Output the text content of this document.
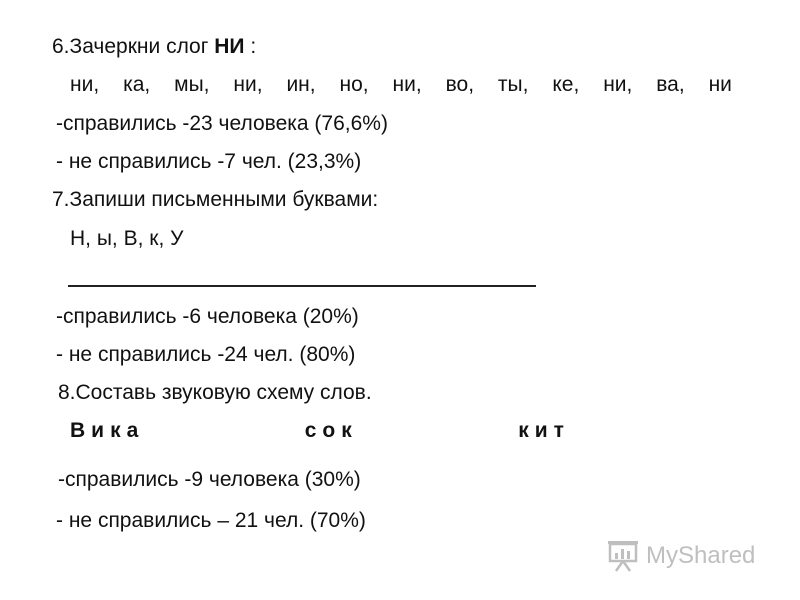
6.Зачеркни слог НИ :
ни, ка, мы, ни, ин, но, ни, во, ты, ке, ни, ва, ни
-справились -23 человека (76,6%)
- не справились -7 чел. (23,3%)
7.Запиши письменными буквами:
Н, ы, В, к, У
-справились -6 человека (20%)
- не справились -24 чел. (80%)
8.Составь звуковую схему слов.
Вика	сок	кит
-справились -9 человека (30%)
- не справились – 21 чел. (70%)
MyShared
